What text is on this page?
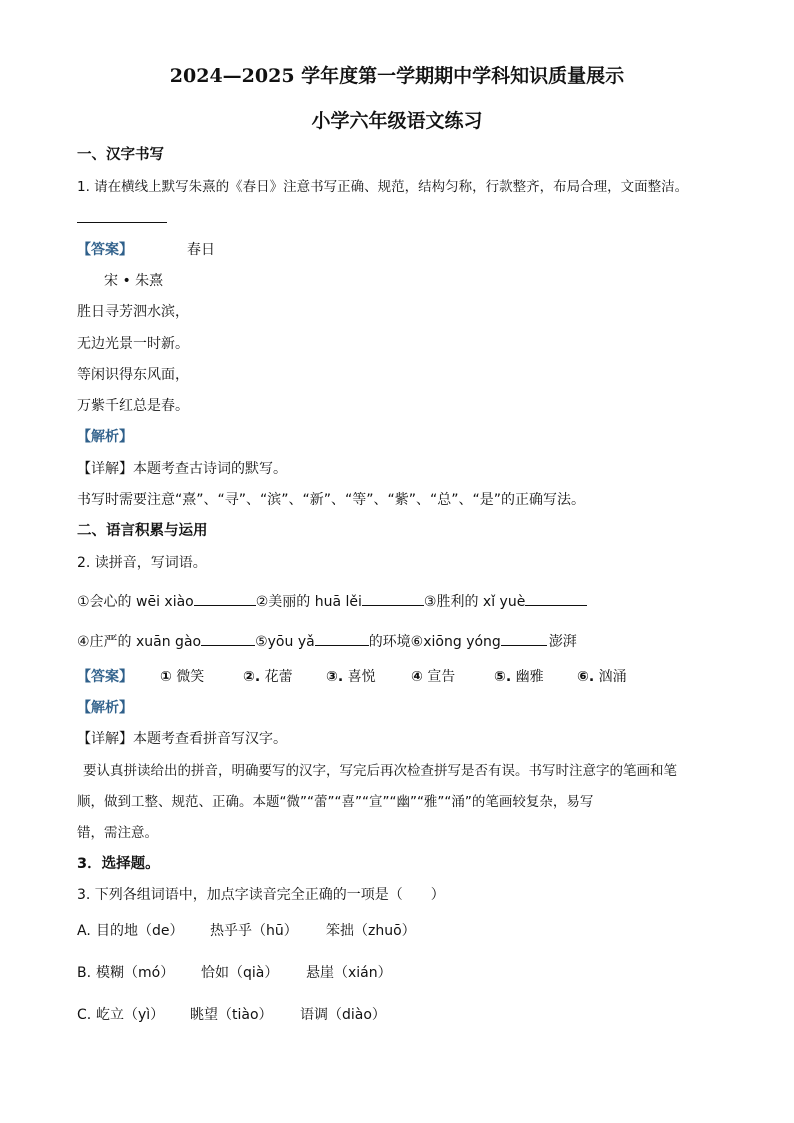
2024—2025 学年度第一学期期中学科知识质量展示
小学六年级语文练习
一、汉字书写
1. 请在横线上默写朱熹的《春日》注意书写正确、规范，结构匀称，行款整齐，布局合理，文面整洁。
【答案】	春日
宋 • 朱熹
胜日寻芳泗水滨，
无边光景一时新。
等闲识得东风面，
万紫千红总是春。
【解析】
【详解】本题考查古诗词的默写。
书写时需要注意“熹”、“寻”、“滨”、“新”、“等”、“紫”、“总”、“是”的正确写法。
二、语言积累与运用
2. 读拼音，写词语。
①会心的 wēi xiào	②美丽的 huā lěi	③胜利的 xǐ yuè
④庄严的 xuān gào	⑤yōu yǎ	的环境⑥xiōng yóng	澎湃
【答案】 ① 微笑	②. 花蕾 ③. 喜悦	④ 宣告	⑤. 幽雅 ⑥. 汹涌
【解析】
【详解】本题考查看拼音写汉字。
要认真拼读给出的拼音，明确要写的汉字，写完后再次检查拼写是否有误。书写时注意字的笔画和笔
顺，做到工整、规范、正确。本题“微”“蕾”“喜”“宣”“幽”“雅”“涌”的笔画较复杂，易写
错，需注意。
3．选择题。
3. 下列各组词语中，加点字读音完全正确的一项是（　　）
A. 目的地（de） 热乎乎（hū） 笨拙（zhuō）
B. 模糊（mó） 恰如（qià） 悬崖（xián）
C. 屹立（yì） 眺望（tiào） 语调（diào）
